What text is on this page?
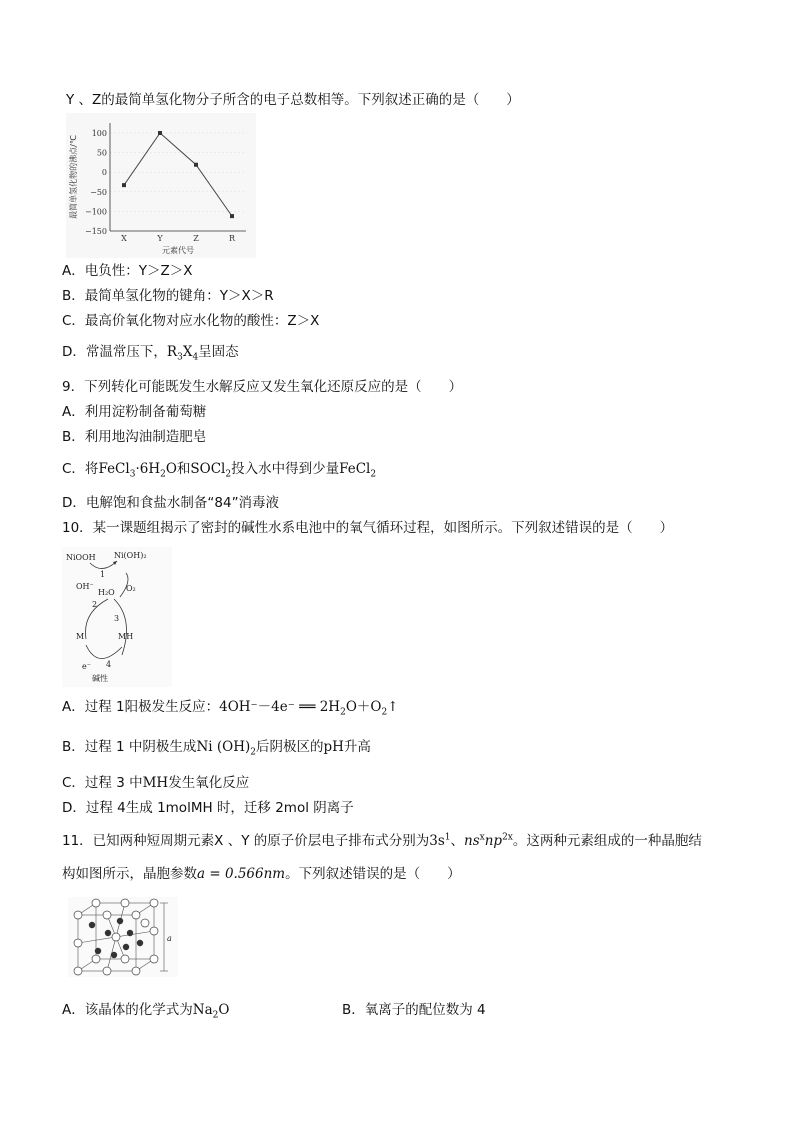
Y 、Z的最简单氢化物分子所含的电子总数相等。下列叙述正确的是（　　）
100
50
0
−50
−100
−150
X	Y	Z	R
元素代号
最简单氢化物的沸点/℃
A．电负性：Y＞Z＞X
B．最简单氢化物的键角：Y＞X＞R
C．最高价氧化物对应水化物的酸性：Z＞X
D．常温常压下，$R_3X_4$呈固态
9．下列转化可能既发生水解反应又发生氧化还原反应的是（　　）
A．利用淀粉制备葡萄糖
B．利用地沟油制造肥皂
C．将$FeCl_3\cdot 6H_2O$和SOCl$_2$投入水中得到少量FeCl$_2$
D．电解饱和食盐水制备“84”消毒液
10．某一课题组揭示了密封的碱性水系电池中的氧气循环过程，如图所示。下列叙述错误的是（　　）
NiOOH Ni(OH)₂
1
OH⁻
H₂O O₂
2
3
M	MH
e⁻ 4
碱性
A．过程 1阳极发生反应：4OH⁻－4e⁻ ══ $2H_2O+O_2↑$
B．过程 1 中阴极生成Ni $(OH)_2$后阴极区的pH升高
C．过程 3 中MH发生氧化反应
D．过程 4生成 1molMH 时，迁移 2mol 阴离子
11．已知两种短周期元素X 、Y 的原子价层电子排布式分别为$3s^1$、$ns^xnp^{2x}$。这两种元素组成的一种晶胞结
构如图所示，晶胞参数a = 0.566nm。下列叙述错误的是（　　）
a
A．该晶体的化学式为$Na_2O$	B．氧离子的配位数为 4
